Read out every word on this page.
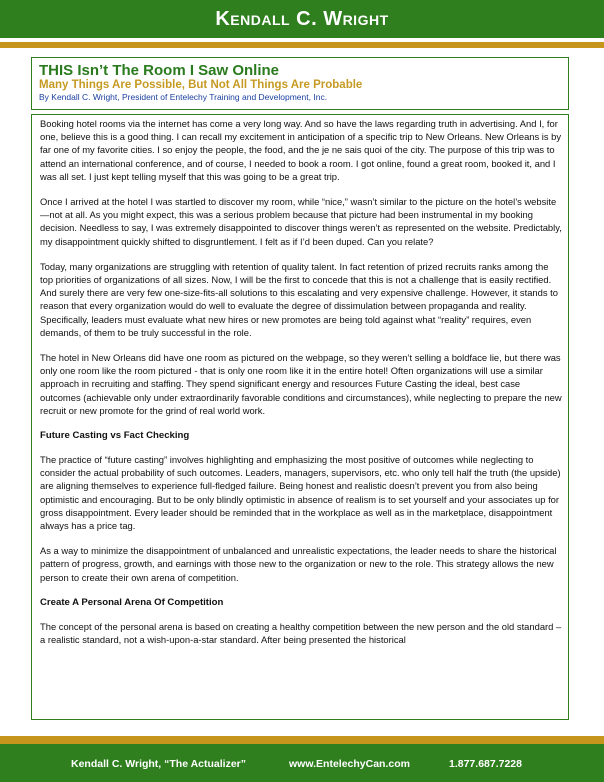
Kendall C. Wright
THIS Isn’t The Room I Saw Online
Many Things Are Possible, But Not All Things Are Probable
By Kendall C. Wright, President of Entelechy Training and Development, Inc.

Booking hotel rooms via the internet has come a very long way. And so have the laws regarding truth in advertising. And I, for one, believe this is a good thing. I can recall my excitement in anticipation of a specific trip to New Orleans. New Orleans is by far one of my favorite cities. I so enjoy the people, the food, and the je ne sais quoi of the city. The purpose of this trip was to attend an international conference, and of course, I needed to book a room. I got online, found a great room, booked it, and I was all set. I just kept telling myself that this was going to be a great trip.

Once I arrived at the hotel I was startled to discover my room, while “nice,” wasn’t similar to the picture on the hotel’s website—not at all. As you might expect, this was a serious problem because that picture had been instrumental in my booking decision. Needless to say, I was extremely disappointed to discover things weren’t as represented on the website. Predictably, my disappointment quickly shifted to disgruntlement. I felt as if I’d been duped. Can you relate?

Today, many organizations are struggling with retention of quality talent. In fact retention of prized recruits ranks among the top priorities of organizations of all sizes. Now, I will be the first to concede that this is not a challenge that is easily rectified. And surely there are very few one-size-fits-all solutions to this escalating and very expensive challenge. However, it stands to reason that every organization would do well to evaluate the degree of dissimulation between propaganda and reality. Specifically, leaders must evaluate what new hires or new promotes are being told against what “reality” requires, even demands, of them to be truly successful in the role.

The hotel in New Orleans did have one room as pictured on the webpage, so they weren’t selling a boldface lie, but there was only one room like the room pictured - that is only one room like it in the entire hotel! Often organizations will use a similar approach in recruiting and staffing. They spend significant energy and resources Future Casting the ideal, best case outcomes (achievable only under extraordinarily favorable conditions and circumstances), while neglecting to prepare the new recruit or new promote for the grind of real world work.

Future Casting vs Fact Checking

The practice of “future casting” involves highlighting and emphasizing the most positive of outcomes while neglecting to consider the actual probability of such outcomes. Leaders, managers, supervisors, etc. who only tell half the truth (the upside) are aligning themselves to experience full-fledged failure. Being honest and realistic doesn’t prevent you from also being optimistic and encouraging. But to be only blindly optimistic in absence of realism is to set yourself and your associates up for gross disappointment. Every leader should be reminded that in the workplace as well as in the marketplace, disappointment always has a price tag.

As a way to minimize the disappointment of unbalanced and unrealistic expectations, the leader needs to share the historical pattern of progress, growth, and earnings with those new to the organization or new to the role. This strategy allows the new person to create their own arena of competition.

Create A Personal Arena Of Competition

The concept of the personal arena is based on creating a healthy competition between the new person and the old standard – a realistic standard, not a wish-upon-a-star standard. After being presented the historical

Kendall C. Wright, “The Actualizer”	www.EntelechyCan.com	1.877.687.7228
